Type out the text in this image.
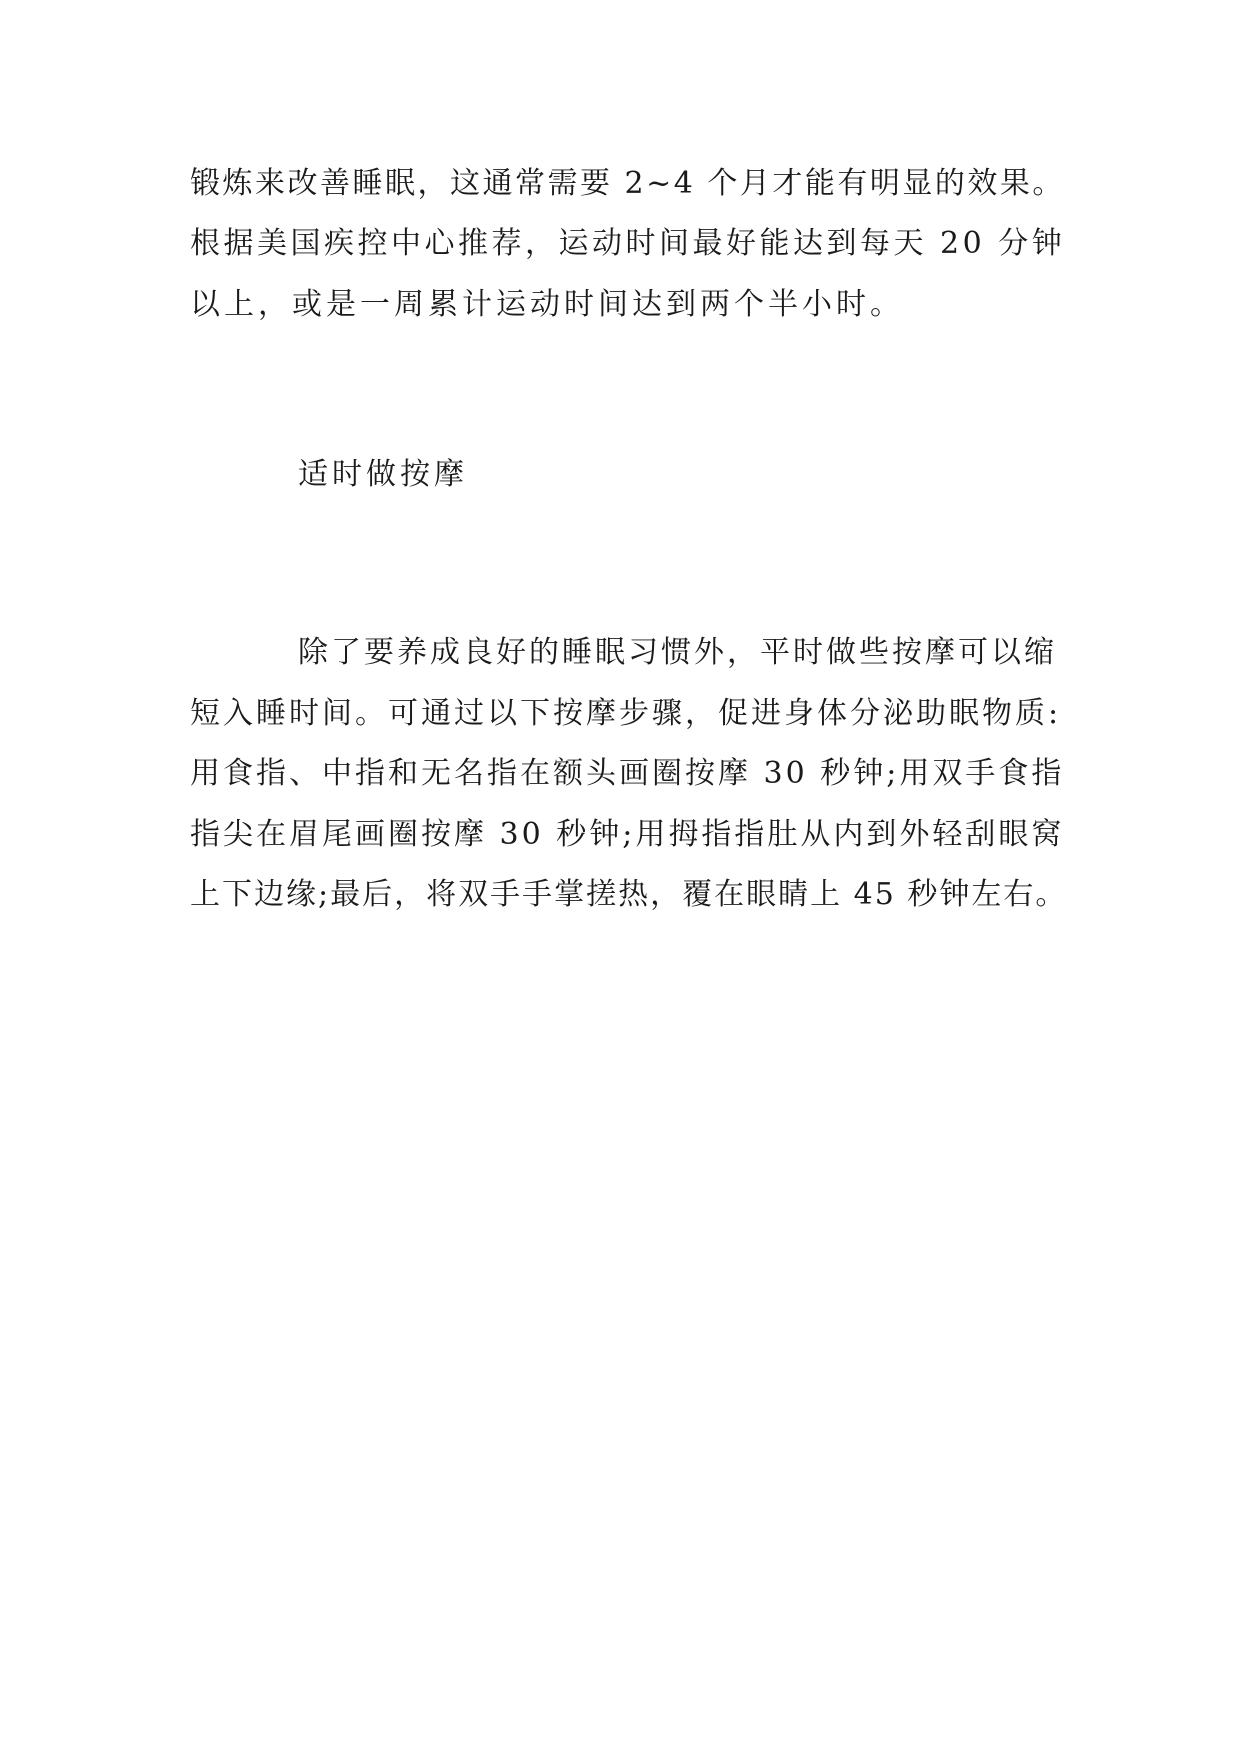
锻炼来改善睡眠，这通常需要 2~4 个月才能有明显的效果。
根据美国疾控中心推荐，运动时间最好能达到每天 20 分钟
以上，或是一周累计运动时间达到两个半小时。
适时做按摩
除了要养成良好的睡眠习惯外，平时做些按摩可以缩
短入睡时间。可通过以下按摩步骤，促进身体分泌助眠物质:
用食指、中指和无名指在额头画圈按摩 30 秒钟;用双手食指
指尖在眉尾画圈按摩 30 秒钟;用拇指指肚从内到外轻刮眼窝
上下边缘;最后，将双手手掌搓热，覆在眼睛上 45 秒钟左右。
